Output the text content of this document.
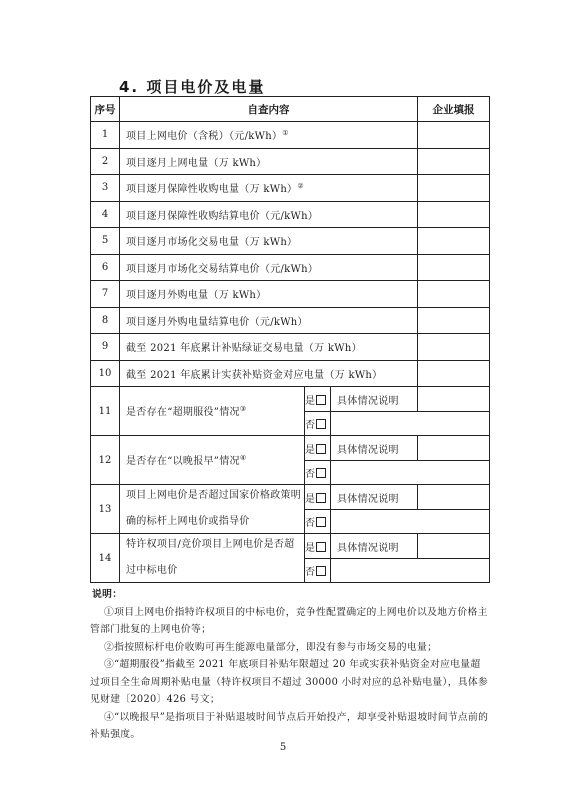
4. 项目电价及电量
序号	自查内容			企业填报
1	项目上网电价（含税）（元/kWh）①	
2	项目逐月上网电量（万 kWh）			
3	项目逐月保障性收购电量（万 kWh）②	
4	项目逐月保障性收购结算电价（元/kWh）			
5	项目逐月市场化交易电量（万 kWh）			
6	项目逐月市场化交易结算电价（元/kWh）			
7	项目逐月外购电量（万 kWh）			
8	项目逐月外购电量结算电价（元/kWh）			
9	截至 2021 年底累计补贴绿证交易电量（万 kWh）			
10	截至 2021 年底累计实获补贴资金对应电量（万 kWh）			
11	是否存在“超期服役”情况③	是	具体情况说明	
		否		
12	是否存在“以晚报早”情况④	是	具体情况说明	
		否		
13	项目上网电价是否超过国家价格政策明确的标杆上网电价或指导价	是	具体情况说明	
		否		
14	特许权项目/竞价项目上网电价是否超过中标电价	是	具体情况说明	
		否		
说明：

①项目上网电价指特许权项目的中标电价，竞争性配置确定的上网电价以及地方价格主管部门批复的上网电价等；

②指按照标杆电价收购可再生能源电量部分，即没有参与市场交易的电量；

③“超期服役”指截至 2021 年底项目补贴年限超过 20 年或实获补贴资金对应电量超过项目全生命周期补贴电量（特许权项目不超过 30000 小时对应的总补贴电量），具体参见财建〔2020〕426 号文；

④“以晚报早”是指项目于补贴退坡时间节点后开始投产，却享受补贴退坡时间节点前的补贴强度。

5
